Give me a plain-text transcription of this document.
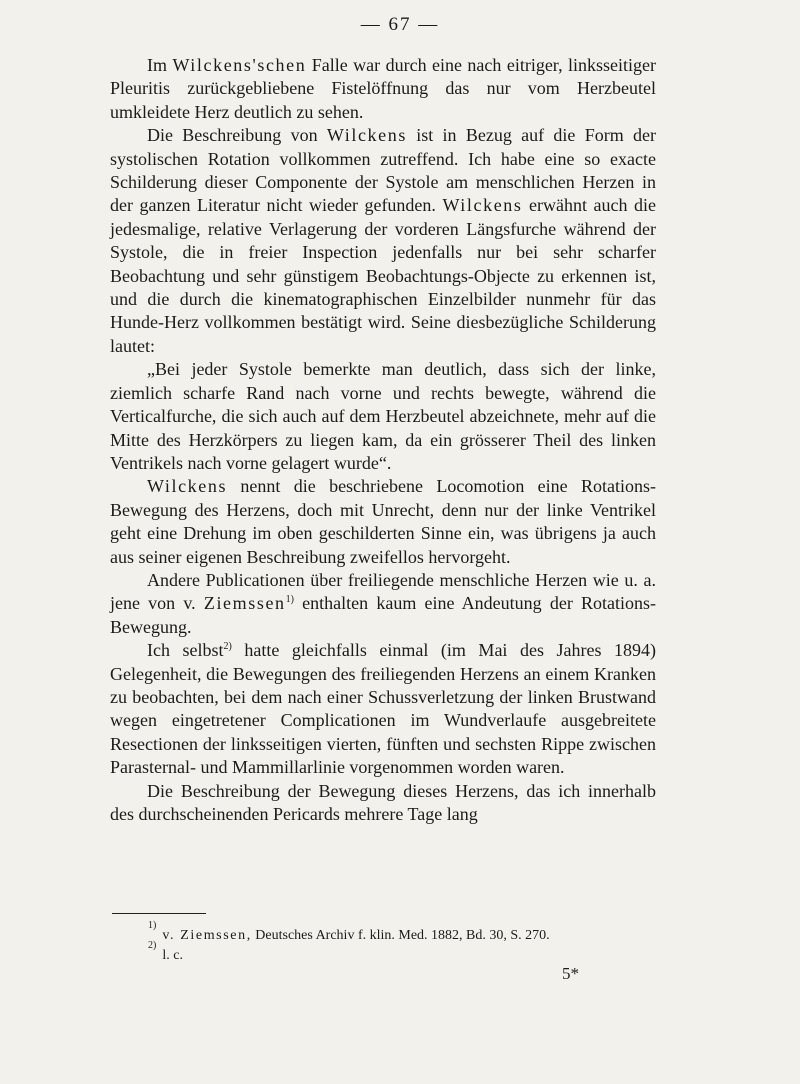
— 67 —

Im Wilckens'schen Falle war durch eine nach eitriger, linksseitiger Pleuritis zurückgebliebene Fistelöffnung das nur vom Herzbeutel umkleidete Herz deutlich zu sehen.

Die Beschreibung von Wilckens ist in Bezug auf die Form der systolischen Rotation vollkommen zutreffend. Ich habe eine so exacte Schilderung dieser Componente der Systole am menschlichen Herzen in der ganzen Literatur nicht wieder gefunden. Wilckens erwähnt auch die jedesmalige, relative Verlagerung der vorderen Längsfurche während der Systole, die in freier Inspection jedenfalls nur bei sehr scharfer Beobachtung und sehr günstigem Beobachtungs-Objecte zu erkennen ist, und die durch die kinematographischen Einzelbilder nunmehr für das Hunde-Herz vollkommen bestätigt wird. Seine diesbezügliche Schilderung lautet:

„Bei jeder Systole bemerkte man deutlich, dass sich der linke, ziemlich scharfe Rand nach vorne und rechts bewegte, während die Verticalfurche, die sich auch auf dem Herzbeutel abzeichnete, mehr auf die Mitte des Herzkörpers zu liegen kam, da ein grösserer Theil des linken Ventrikels nach vorne gelagert wurde“.

Wilckens nennt die beschriebene Locomotion eine Rotations-Bewegung des Herzens, doch mit Unrecht, denn nur der linke Ventrikel geht eine Drehung im oben geschilderten Sinne ein, was übrigens ja auch aus seiner eigenen Beschreibung zweifellos hervorgeht.

Andere Publicationen über freiliegende menschliche Herzen wie u. a. jene von v. Ziemssen$^{1)}$ enthalten kaum eine Andeutung der Rotations-Bewegung.

Ich selbst$^{2)}$ hatte gleichfalls einmal (im Mai des Jahres 1894) Gelegenheit, die Bewegungen des freiliegenden Herzens an einem Kranken zu beobachten, bei dem nach einer Schussverletzung der linken Brustwand wegen eingetretener Complicationen im Wundverlaufe ausgebreitete Resectionen der linksseitigen vierten, fünften und sechsten Rippe zwischen Parasternal- und Mammillarlinie vorgenommen worden waren.

Die Beschreibung der Bewegung dieses Herzens, das ich innerhalb des durchscheinenden Pericards mehrere Tage lang

1)
v. Ziemssen, Deutsches Archiv f. klin. Med. 1882, Bd. 30, S. 270.
2)
l. c.
5*
